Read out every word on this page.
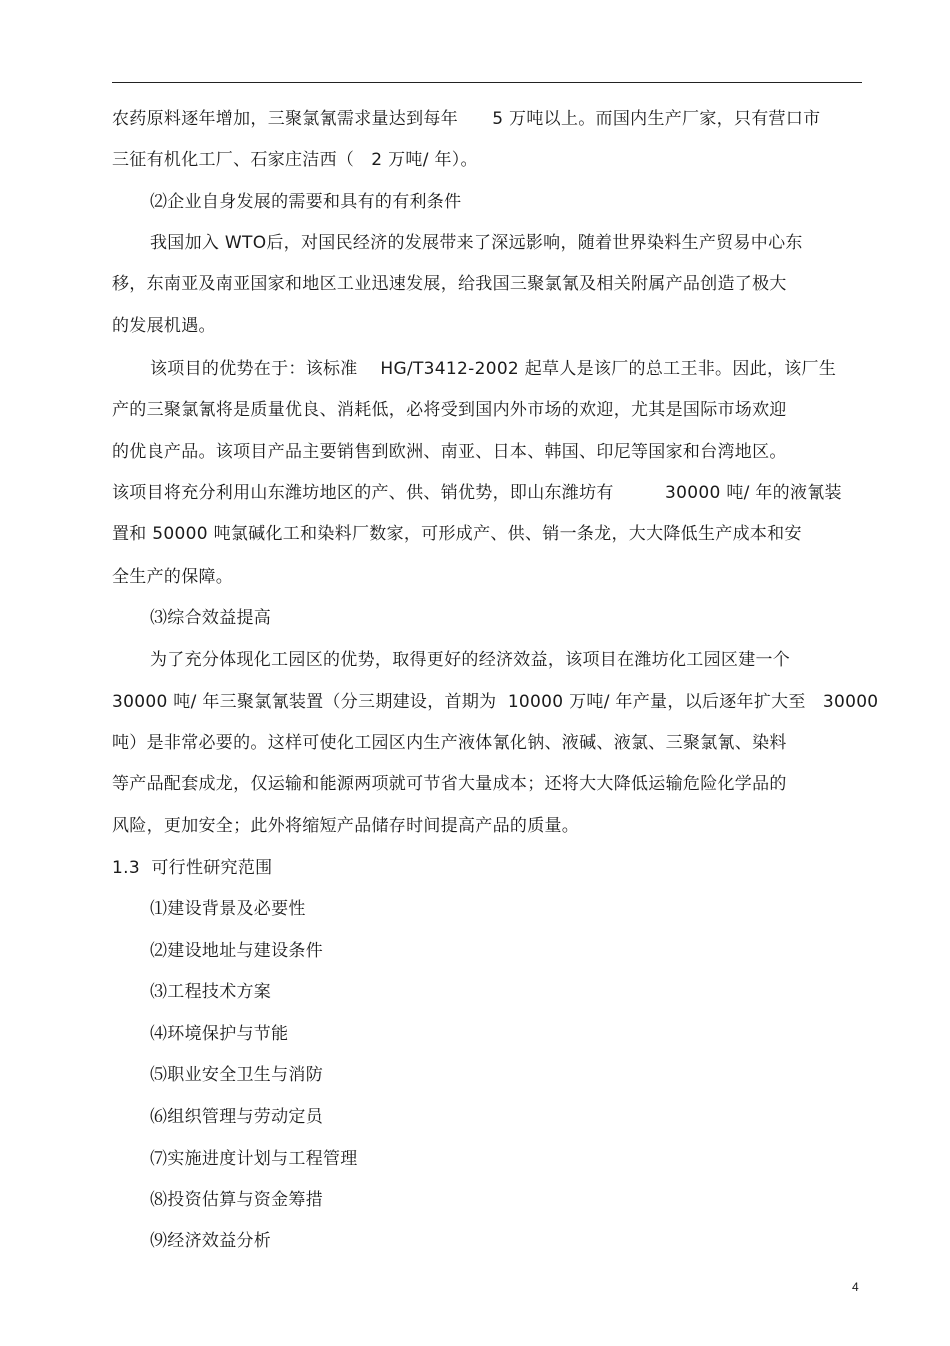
农药原料逐年增加，三聚氯氰需求量达到每年      5 万吨以上。而国内生产厂家，只有营口市
三征有机化工厂、石家庄洁西（   2 万吨/ 年）。
⑵企业自身发展的需要和具有的有利条件
我国加入 WTO后，对国民经济的发展带来了深远影响，随着世界染料生产贸易中心东
移，东南亚及南亚国家和地区工业迅速发展，给我国三聚氯氰及相关附属产品创造了极大
的发展机遇。
该项目的优势在于：该标准    HG/T3412-2002 起草人是该厂的总工王非。因此，该厂生
产的三聚氯氰将是质量优良、消耗低，必将受到国内外市场的欢迎，尤其是国际市场欢迎
的优良产品。该项目产品主要销售到欧洲、南亚、日本、韩国、印尼等国家和台湾地区。
该项目将充分利用山东潍坊地区的产、供、销优势，即山东潍坊有         30000 吨/ 年的液氰装
置和 50000 吨氯碱化工和染料厂数家，可形成产、供、销一条龙，大大降低生产成本和安
全生产的保障。
⑶综合效益提高
为了充分体现化工园区的优势，取得更好的经济效益，该项目在潍坊化工园区建一个
30000 吨/ 年三聚氯氰装置（分三期建设，首期为  10000 万吨/ 年产量，以后逐年扩大至   30000
吨）是非常必要的。这样可使化工园区内生产液体氰化钠、液碱、液氯、三聚氯氰、染料
等产品配套成龙，仅运输和能源两项就可节省大量成本；还将大大降低运输危险化学品的
风险，更加安全；此外将缩短产品储存时间提高产品的质量。
1.3  可行性研究范围
⑴建设背景及必要性
⑵建设地址与建设条件
⑶工程技术方案
⑷环境保护与节能
⑸职业安全卫生与消防
⑹组织管理与劳动定员
⑺实施进度计划与工程管理
⑻投资估算与资金筹措
⑼经济效益分析
4
